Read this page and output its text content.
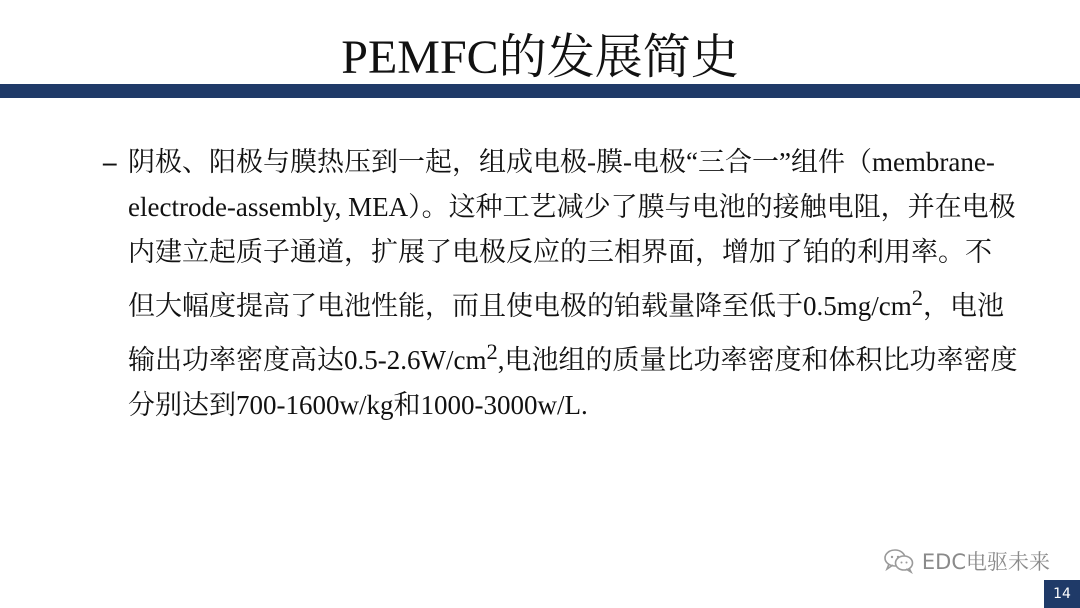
PEMFC的发展简史
– 阴极、阳极与膜热压到一起，组成电极-膜-电极“三合一”组件（membrane-electrode-assembly, MEA）。这种工艺减少了膜与电池的接触电阻，并在电极内建立起质子通道，扩展了电极反应的三相界面，增加了铂的利用率。不但大幅度提高了电池性能，而且使电极的铂载量降至低于$0.5mg/cm^2$，电池输出功率密度高达$0.5-2.6W/cm^2$,电池组的质量比功率密度和体积比功率密度分别达到700-1600w/kg和1000-3000w/L.

EDC电驱未来
14
